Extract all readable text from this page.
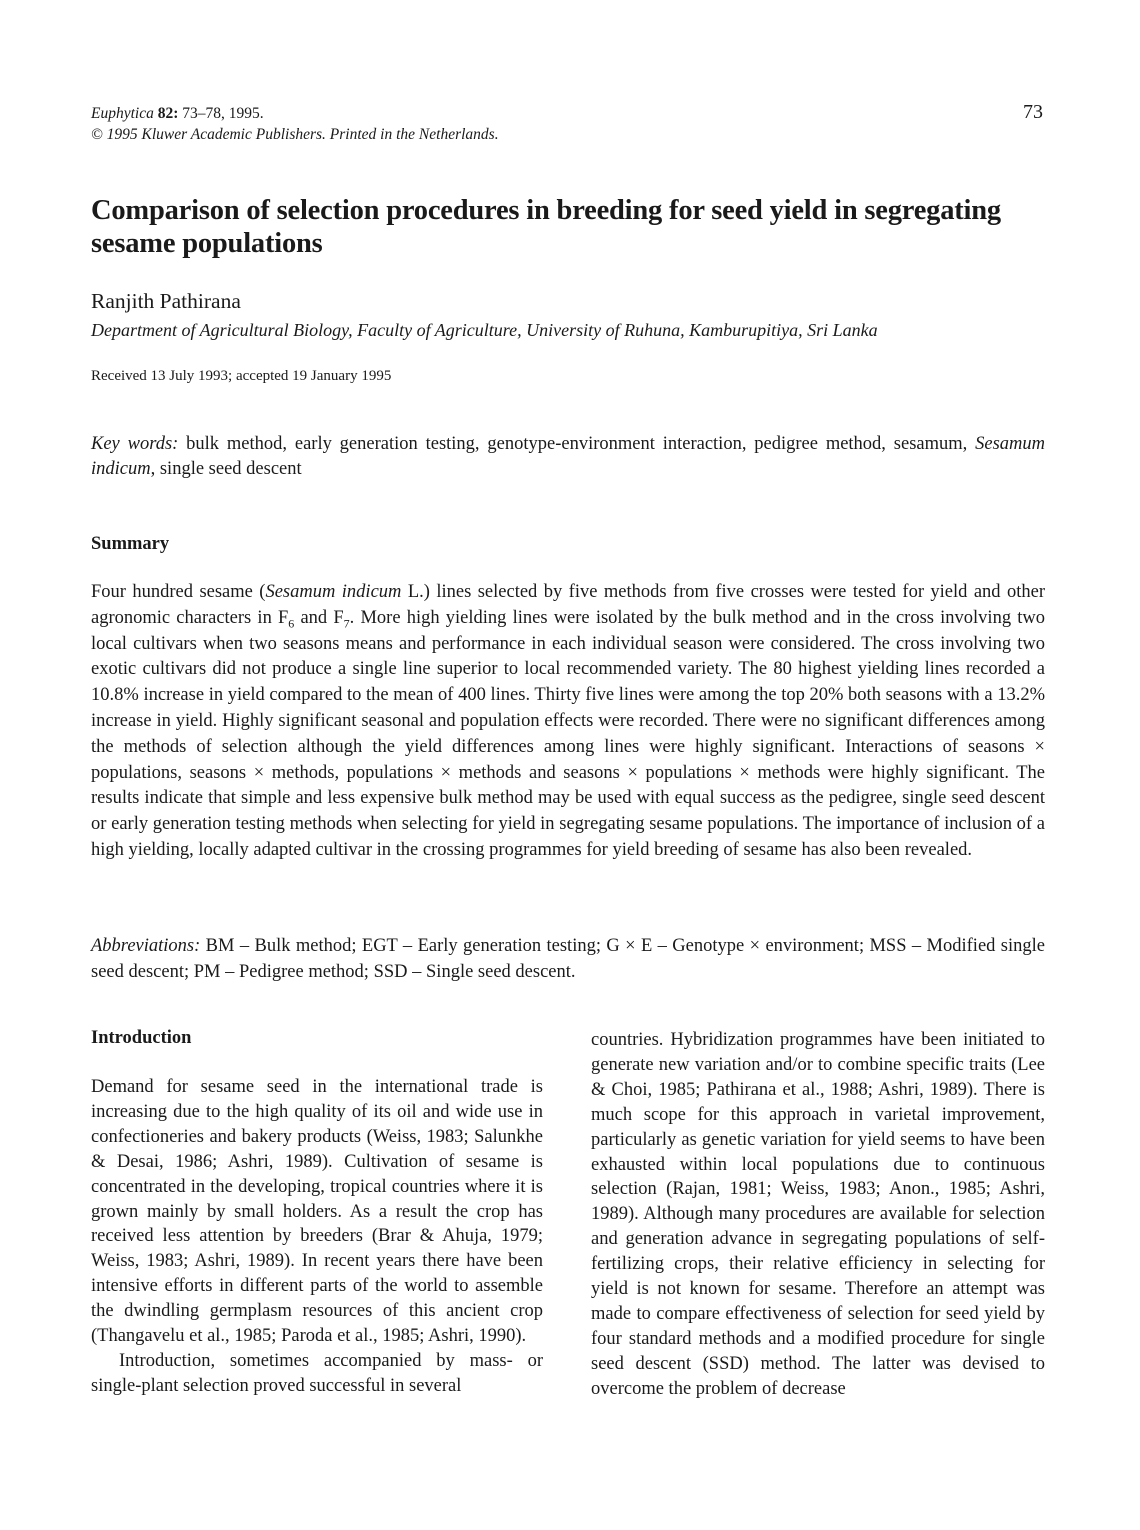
Euphytica 82: 73–78, 1995.
© 1995 Kluwer Academic Publishers. Printed in the Netherlands.
73
Comparison of selection procedures in breeding for seed yield in segregating sesame populations
Ranjith Pathirana
Department of Agricultural Biology, Faculty of Agriculture, University of Ruhuna, Kamburupitiya, Sri Lanka
Received 13 July 1993; accepted 19 January 1995
Key words: bulk method, early generation testing, genotype-environment interaction, pedigree method, sesamum, Sesamum indicum, single seed descent
Summary

Four hundred sesame (Sesamum indicum L.) lines selected by five methods from five crosses were tested for yield and other agronomic characters in $F_6$ and $F_7$. More high yielding lines were isolated by the bulk method and in the cross involving two local cultivars when two seasons means and performance in each individual season were considered. The cross involving two exotic cultivars did not produce a single line superior to local recommended variety. The 80 highest yielding lines recorded a 10.8% increase in yield compared to the mean of 400 lines. Thirty five lines were among the top 20% both seasons with a 13.2% increase in yield. Highly significant seasonal and population effects were recorded. There were no significant differences among the methods of selection although the yield differences among lines were highly significant. Interactions of seasons × populations, seasons × methods, populations × methods and seasons × populations × methods were highly significant. The results indicate that simple and less expensive bulk method may be used with equal success as the pedigree, single seed descent or early generation testing methods when selecting for yield in segregating sesame populations. The importance of inclusion of a high yielding, locally adapted cultivar in the crossing programmes for yield breeding of sesame has also been revealed.

Abbreviations: BM – Bulk method; EGT – Early generation testing; G × E – Genotype × environment; MSS – Modified single seed descent; PM – Pedigree method; SSD – Single seed descent.

Introduction

Demand for sesame seed in the international trade is increasing due to the high quality of its oil and wide use in confectioneries and bakery products (Weiss, 1983; Salunkhe & Desai, 1986; Ashri, 1989). Cultivation of sesame is concentrated in the developing, tropical countries where it is grown mainly by small holders. As a result the crop has received less attention by breeders (Brar & Ahuja, 1979; Weiss, 1983; Ashri, 1989). In recent years there have been intensive efforts in different parts of the world to assemble the dwindling germplasm resources of this ancient crop (Thangavelu et al., 1985; Paroda et al., 1985; Ashri, 1990).

Introduction, sometimes accompanied by mass- or single-plant selection proved successful in several

countries. Hybridization programmes have been initiated to generate new variation and/or to combine specific traits (Lee & Choi, 1985; Pathirana et al., 1988; Ashri, 1989). There is much scope for this approach in varietal improvement, particularly as genetic variation for yield seems to have been exhausted within local populations due to continuous selection (Rajan, 1981; Weiss, 1983; Anon., 1985; Ashri, 1989). Although many procedures are available for selection and generation advance in segregating populations of self-fertilizing crops, their relative efficiency in selecting for yield is not known for sesame. Therefore an attempt was made to compare effectiveness of selection for seed yield by four standard methods and a modified procedure for single seed descent (SSD) method. The latter was devised to overcome the problem of decrease
